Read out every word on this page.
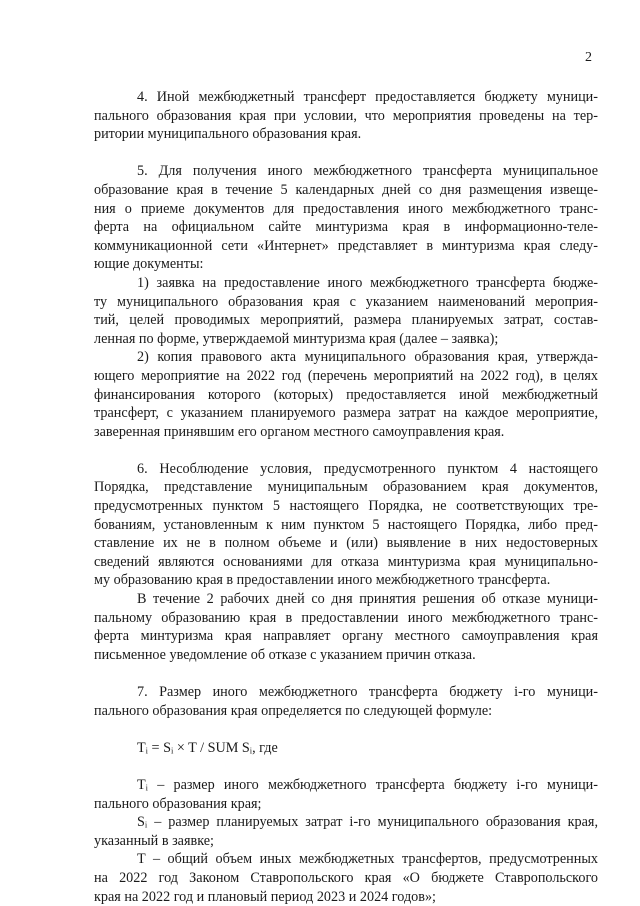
2
4. Иной межбюджетный трансферт предоставляется бюджету муници-
пального образования края при условии, что мероприятия проведены на тер-
ритории муниципального образования края.
5. Для получения иного межбюджетного трансферта муниципальное
образование края в течение 5 календарных дней со дня размещения извеще-
ния о приеме документов для предоставления иного межбюджетного транс-
ферта на официальном сайте минтуризма края в информационно-теле-
коммуникационной сети «Интернет» представляет в минтуризма края следу-
ющие документы:
1) заявка на предоставление иного межбюджетного трансферта бюдже-
ту муниципального образования края с указанием наименований мероприя-
тий, целей проводимых мероприятий, размера планируемых затрат, состав-
ленная по форме, утверждаемой минтуризма края (далее – заявка);
2) копия правового акта муниципального образования края, утвержда-
ющего мероприятие на 2022 год (перечень мероприятий на 2022 год), в целях
финансирования которого (которых) предоставляется иной межбюджетный
трансферт, с указанием планируемого размера затрат на каждое мероприятие,
заверенная принявшим его органом местного самоуправления края.
6. Несоблюдение условия, предусмотренного пунктом 4 настоящего
Порядка, представление муниципальным образованием края документов,
предусмотренных пунктом 5 настоящего Порядка, не соответствующих тре-
бованиям, установленным к ним пунктом 5 настоящего Порядка, либо пред-
ставление их не в полном объеме и (или) выявление в них недостоверных
сведений являются основаниями для отказа минтуризма края муниципально-
му образованию края в предоставлении иного межбюджетного трансферта.
В течение 2 рабочих дней со дня принятия решения об отказе муници-
пальному образованию края в предоставлении иного межбюджетного транс-
ферта минтуризма края направляет органу местного самоуправления края
письменное уведомление об отказе с указанием причин отказа.
7. Размер иного межбюджетного трансферта бюджету i-го муници-
пального образования края определяется по следующей формуле:
Tᵢ = Sᵢ × T / SUM Sᵢ, где
Tᵢ – размер иного межбюджетного трансферта бюджету i-го муници-
пального образования края;
Sᵢ – размер планируемых затрат i-го муниципального образования края,
указанный в заявке;
T – общий объем иных межбюджетных трансфертов, предусмотренных
на 2022 год Законом Ставропольского края «О бюджете Ставропольского
края на 2022 год и плановый период 2023 и 2024 годов»;
